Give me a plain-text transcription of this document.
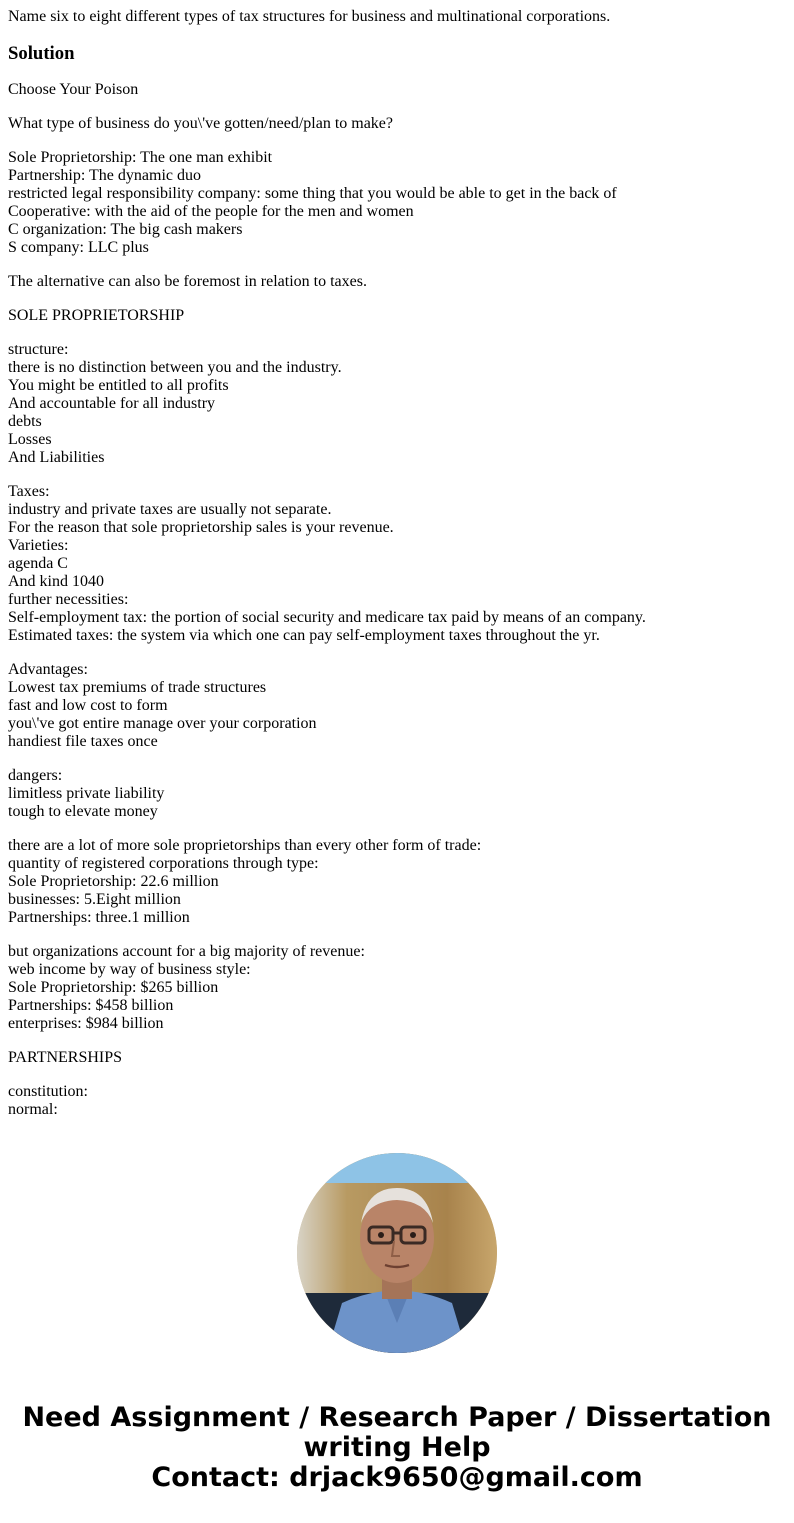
Name six to eight different types of tax structures for business and multinational corporations.

Solution
Choose Your Poison
What type of business do you\'ve gotten/need/plan to make?
Sole Proprietorship: The one man exhibit
Partnership: The dynamic duo
restricted legal responsibility company: some thing that you would be able to get in the back of
Cooperative: with the aid of the people for the men and women
C organization: The big cash makers
S company: LLC plus
The alternative can also be foremost in relation to taxes.
SOLE PROPRIETORSHIP
structure:
there is no distinction between you and the industry.
You might be entitled to all profits
And accountable for all industry
debts
Losses
And Liabilities
Taxes:
industry and private taxes are usually not separate.
For the reason that sole proprietorship sales is your revenue.
Varieties:
agenda C
And kind 1040
further necessities:
Self-employment tax: the portion of social security and medicare tax paid by means of an company.
Estimated taxes: the system via which one can pay self-employment taxes throughout the yr.
Advantages:
Lowest tax premiums of trade structures
fast and low cost to form
you\'ve got entire manage over your corporation
handiest file taxes once
dangers:
limitless private liability
tough to elevate money
there are a lot of more sole proprietorships than every other form of trade:
quantity of registered corporations through type:
Sole Proprietorship: 22.6 million
businesses: 5.Eight million
Partnerships: three.1 million
but organizations account for a big majority of revenue:
web income by way of business style:
Sole Proprietorship: $265 billion
Partnerships: $458 billion
enterprises: $984 billion
PARTNERSHIPS
constitution:
normal:
Need Assignment / Research Paper / Dissertation
writing Help
Contact: drjack9650@gmail.com
